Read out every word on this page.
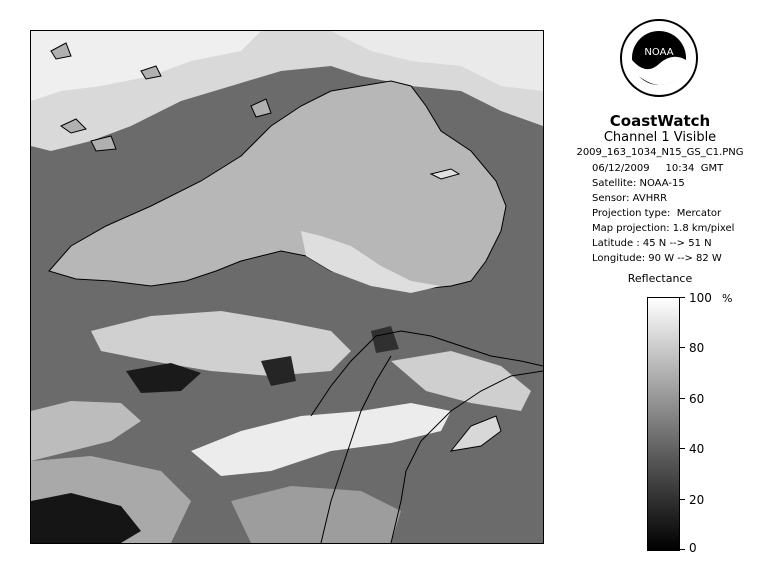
NOAA
CoastWatch
Channel 1 Visible
2009_163_1034_N15_GS_C1.PNG
06/12/2009     10:34  GMT
Satellite: NOAA-15
Sensor: AVHRR
Projection type:  Mercator
Map projection: 1.8 km/pixel
Latitude : 45 N --> 51 N
Longitude: 90 W --> 82 W
Reflectance
%
100
80
60
40
20
0
